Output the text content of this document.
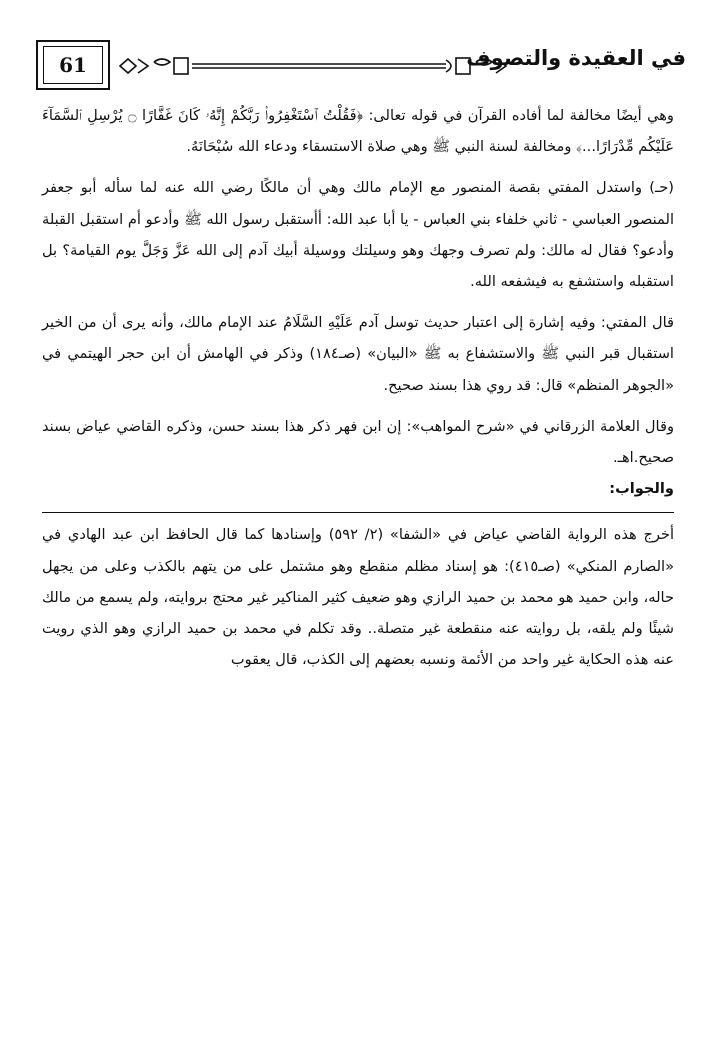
61	في العقيدة والتصوف

وهي أيضًا مخالفة لما أفاده القرآن في قوله تعالى: ﴿فَقُلْتُ ٱسْتَغْفِرُوا۟ رَبَّكُمْ إِنَّهُۥ كَانَ غَفَّارًا ۝ يُرْسِلِ ٱلسَّمَآءَ عَلَيْكُم مِّدْرَارًا...﴾ ومخالفة لسنة النبي ﷺ وهي صلاة الاستسقاء ودعاء الله سُبْحَانَهُ.

(حـ) واستدل المفتي بقصة المنصور مع الإمام مالك وهي أن مالكًا رضي الله عنه لما سأله أبو جعفر المنصور العباسي - ثاني خلفاء بني العباس - يا أبا عبد الله: أأستقبل رسول الله ﷺ وأدعو أم استقبل القبلة وأدعو؟ فقال له مالك: ولم تصرف وجهك وهو وسيلتك ووسيلة أبيك آدم إلى الله عَزَّ وَجَلَّ يوم القيامة؟ بل استقبله واستشفع به فيشفعه الله.

قال المفتي: وفيه إشارة إلى اعتبار حديث توسل آدم عَلَيْهِ السَّلَامُ عند الإمام مالك، وأنه يرى أن من الخير استقبال قبر النبي ﷺ والاستشفاع به ﷺ «البيان» (صـ١٨٤) وذكر في الهامش أن ابن حجر الهيتمي في «الجوهر المنظم» قال: قد روي هذا بسند صحيح.

وقال العلامة الزرقاني في «شرح المواهب»: إن ابن فهر ذكر هذا بسند حسن، وذكره القاضي عياض بسند صحيح.اهـ.

والجواب:

أخرج هذه الرواية القاضي عياض في «الشفا» (٢/ ٥٩٢) وإسنادها كما قال الحافظ ابن عبد الهادي في «الصارم المنكي» (صـ٤١٥): هو إسناد مظلم منقطع وهو مشتمل على من يتهم بالكذب وعلى من يجهل حاله، وابن حميد هو محمد بن حميد الرازي وهو ضعيف كثير المناكير غير محتج بروايته، ولم يسمع من مالك شيئًا ولم يلقه، بل روايته عنه منقطعة غير متصلة.. وقد تكلم في محمد بن حميد الرازي وهو الذي رويت عنه هذه الحكاية غير واحد من الأئمة ونسبه بعضهم إلى الكذب، قال يعقوب
